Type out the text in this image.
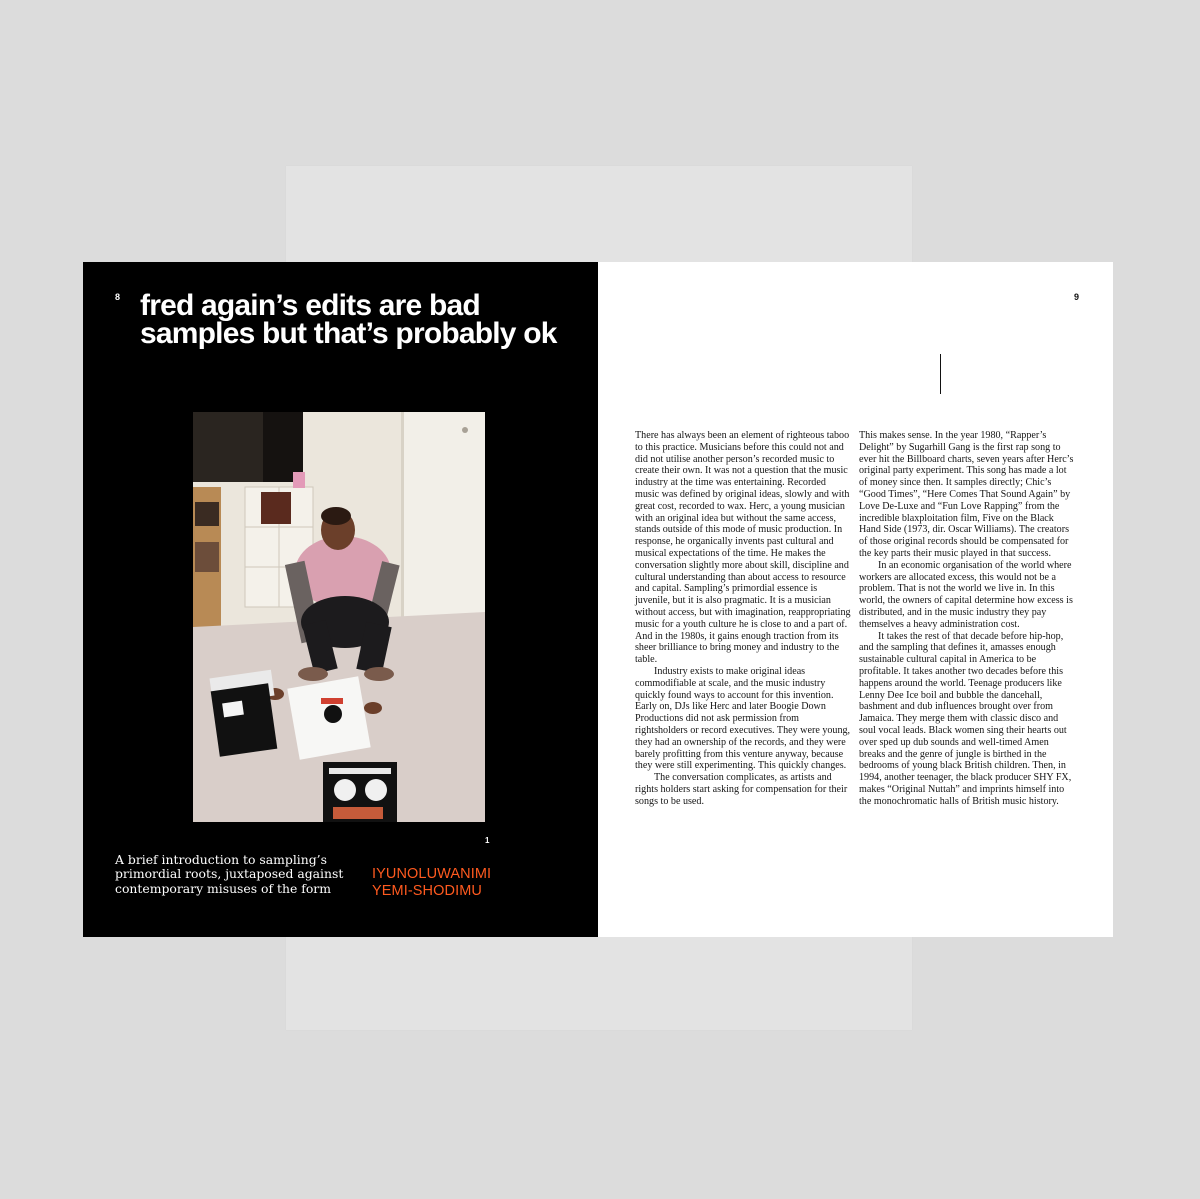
8 fred again’s edits are bad samples but that’s probably ok
1

A brief introduction to sampling’s primordial roots, juxtaposed against contemporary misuses of the form

IYUNOLUWANIMI
YEMI-SHODIMU
9

There has always been an element of righteous taboo to this practice. Musicians before this could not and did not utilise another person’s recorded music to create their own. It was not a question that the music industry at the time was entertaining. Recorded music was defined by original ideas, slowly and with great cost, recorded to wax. Herc, a young musician with an original idea but without the same access, stands outside of this mode of music production. In response, he organically invents past cultural and musical expectations of the time. He makes the conversation slightly more about skill, discipline and cultural understanding than about access to resource and capital. Sampling’s primordial essence is juvenile, but it is also pragmatic. It is a musician without access, but with imagination, reappropriating music for a youth culture he is close to and a part of. And in the 1980s, it gains enough traction from its sheer brilliance to bring money and industry to the table.

Industry exists to make original ideas commodifiable at scale, and the music industry quickly found ways to account for this invention. Early on, DJs like Herc and later Boogie Down Productions did not ask permission from rightsholders or record executives. They were young, they had an ownership of the records, and they were barely profitting from this venture anyway, because they were still experimenting. This quickly changes.

The conversation complicates, as artists and rights holders start asking for compensation for their songs to be used.

This makes sense. In the year 1980, “Rapper’s Delight” by Sugarhill Gang is the first rap song to ever hit the Billboard charts, seven years after Herc’s original party experiment. This song has made a lot of money since then. It samples directly; Chic’s “Good Times”, “Here Comes That Sound Again” by Love De-Luxe and “Fun Love Rapping” from the incredible blaxploitation film, Five on the Black Hand Side (1973, dir. Oscar Williams). The creators of those original records should be compensated for the key parts their music played in that success.

In an economic organisation of the world where workers are allocated excess, this would not be a problem. That is not the world we live in. In this world, the owners of capital determine how excess is distributed, and in the music industry they pay themselves a heavy administration cost.

It takes the rest of that decade before hip-hop, and the sampling that defines it, amasses enough sustainable cultural capital in America to be profitable. It takes another two decades before this happens around the world. Teenage producers like Lenny Dee Ice boil and bubble the dancehall, bashment and dub influences brought over from Jamaica. They merge them with classic disco and soul vocal leads. Black women sing their hearts out over sped up dub sounds and well-timed Amen breaks and the genre of jungle is birthed in the bedrooms of young black British children. Then, in 1994, another teenager, the black producer SHY FX, makes “Original Nuttah” and imprints himself into the monochromatic halls of British music history.
